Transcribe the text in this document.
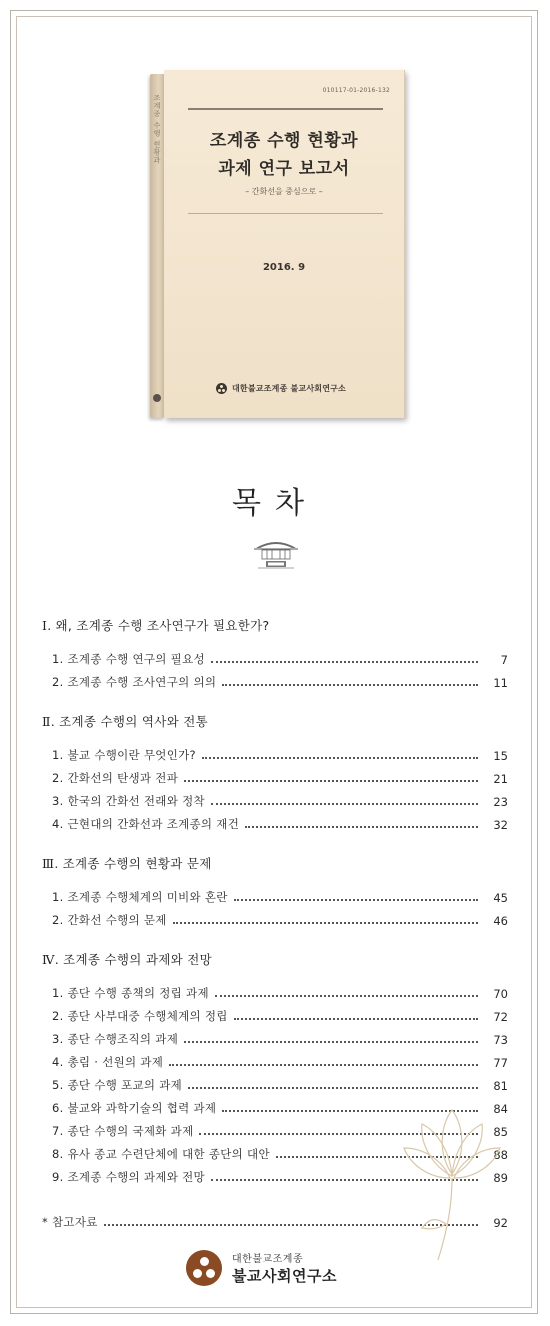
조계종 수행 현황과
010117-01-2016-132
조계종 수행 현황과
과제 연구 보고서
– 간화선을 중심으로 –
2016. 9
대한불교조계종 불교사회연구소
목차
Ⅰ. 왜, 조계종 수행 조사연구가 필요한가?
1. 조계종 수행 연구의 필요성	7
2. 조계종 수행 조사연구의 의의	11
Ⅱ. 조계종 수행의 역사와 전통
1. 불교 수행이란 무엇인가?	15
2. 간화선의 탄생과 전파	21
3. 한국의 간화선 전래와 정착	23
4. 근현대의 간화선과 조계종의 재건	32
Ⅲ. 조계종 수행의 현황과 문제
1. 조계종 수행체계의 미비와 혼란	45
2. 간화선 수행의 문제	46
Ⅳ. 조계종 수행의 과제와 전망
1. 종단 수행 종책의 정립 과제	70
2. 종단 사부대중 수행체계의 정립	72
3. 종단 수행조직의 과제	73
4. 총림 · 선원의 과제	77
5. 종단 수행 포교의 과제	81
6. 불교와 과학기술의 협력 과제	84
7. 종단 수행의 국제화 과제	85
8. 유사 종교 수련단체에 대한 종단의 대안	88
9. 조계종 수행의 과제와 전망	89
* 참고자료	92
대한불교조계종
불교사회연구소
